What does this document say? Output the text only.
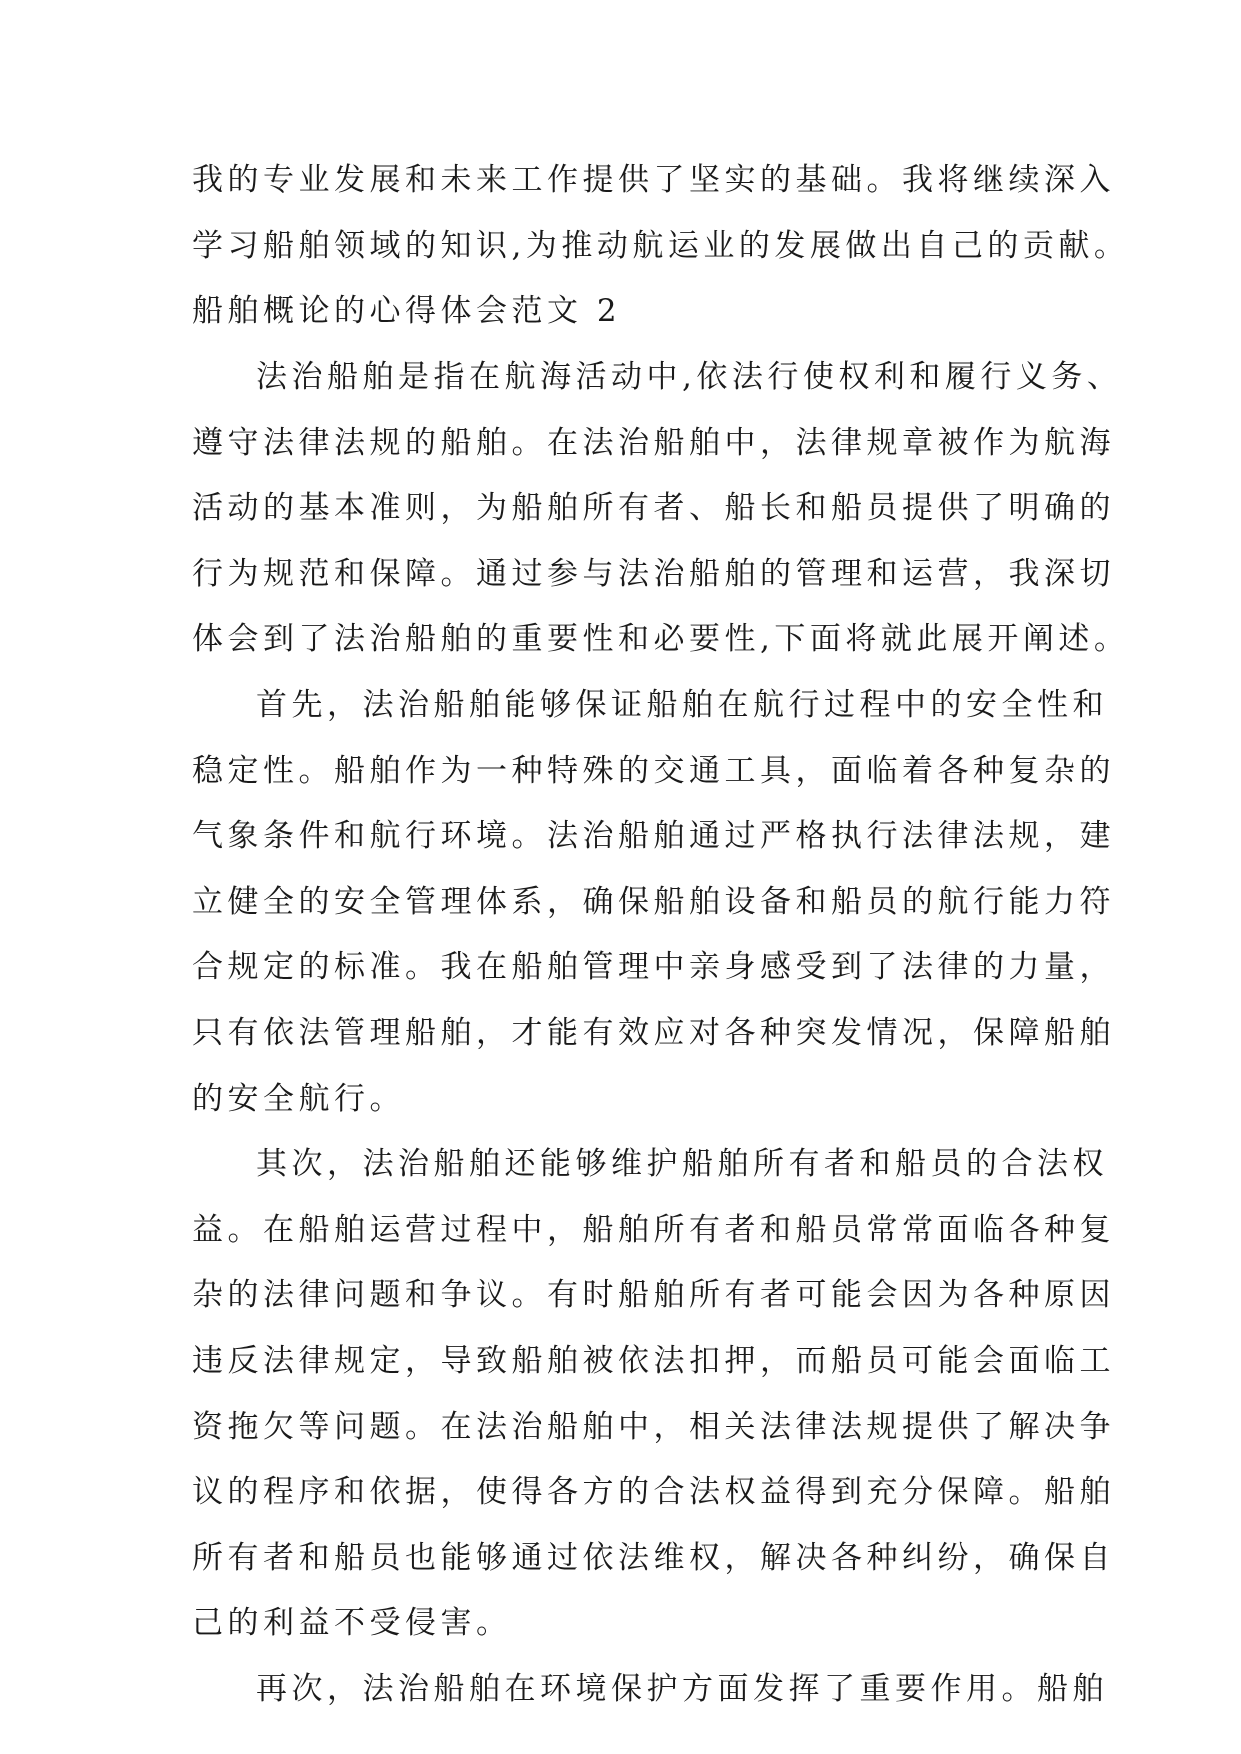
我的专业发展和未来工作提供了坚实的基础。我将继续深入
学习船舶领域的知识,为推动航运业的发展做出自己的贡献。
船舶概论的心得体会范文 2
法治船舶是指在航海活动中,依法行使权利和履行义务、
遵守法律法规的船舶。在法治船舶中，法律规章被作为航海
活动的基本准则，为船舶所有者、船长和船员提供了明确的
行为规范和保障。通过参与法治船舶的管理和运营，我深切
体会到了法治船舶的重要性和必要性,下面将就此展开阐述。
首先，法治船舶能够保证船舶在航行过程中的安全性和
稳定性。船舶作为一种特殊的交通工具，面临着各种复杂的
气象条件和航行环境。法治船舶通过严格执行法律法规，建
立健全的安全管理体系，确保船舶设备和船员的航行能力符
合规定的标准。我在船舶管理中亲身感受到了法律的力量，
只有依法管理船舶，才能有效应对各种突发情况，保障船舶
的安全航行。
其次，法治船舶还能够维护船舶所有者和船员的合法权
益。在船舶运营过程中，船舶所有者和船员常常面临各种复
杂的法律问题和争议。有时船舶所有者可能会因为各种原因
违反法律规定，导致船舶被依法扣押，而船员可能会面临工
资拖欠等问题。在法治船舶中，相关法律法规提供了解决争
议的程序和依据，使得各方的合法权益得到充分保障。船舶
所有者和船员也能够通过依法维权，解决各种纠纷，确保自
己的利益不受侵害。
再次，法治船舶在环境保护方面发挥了重要作用。船舶
